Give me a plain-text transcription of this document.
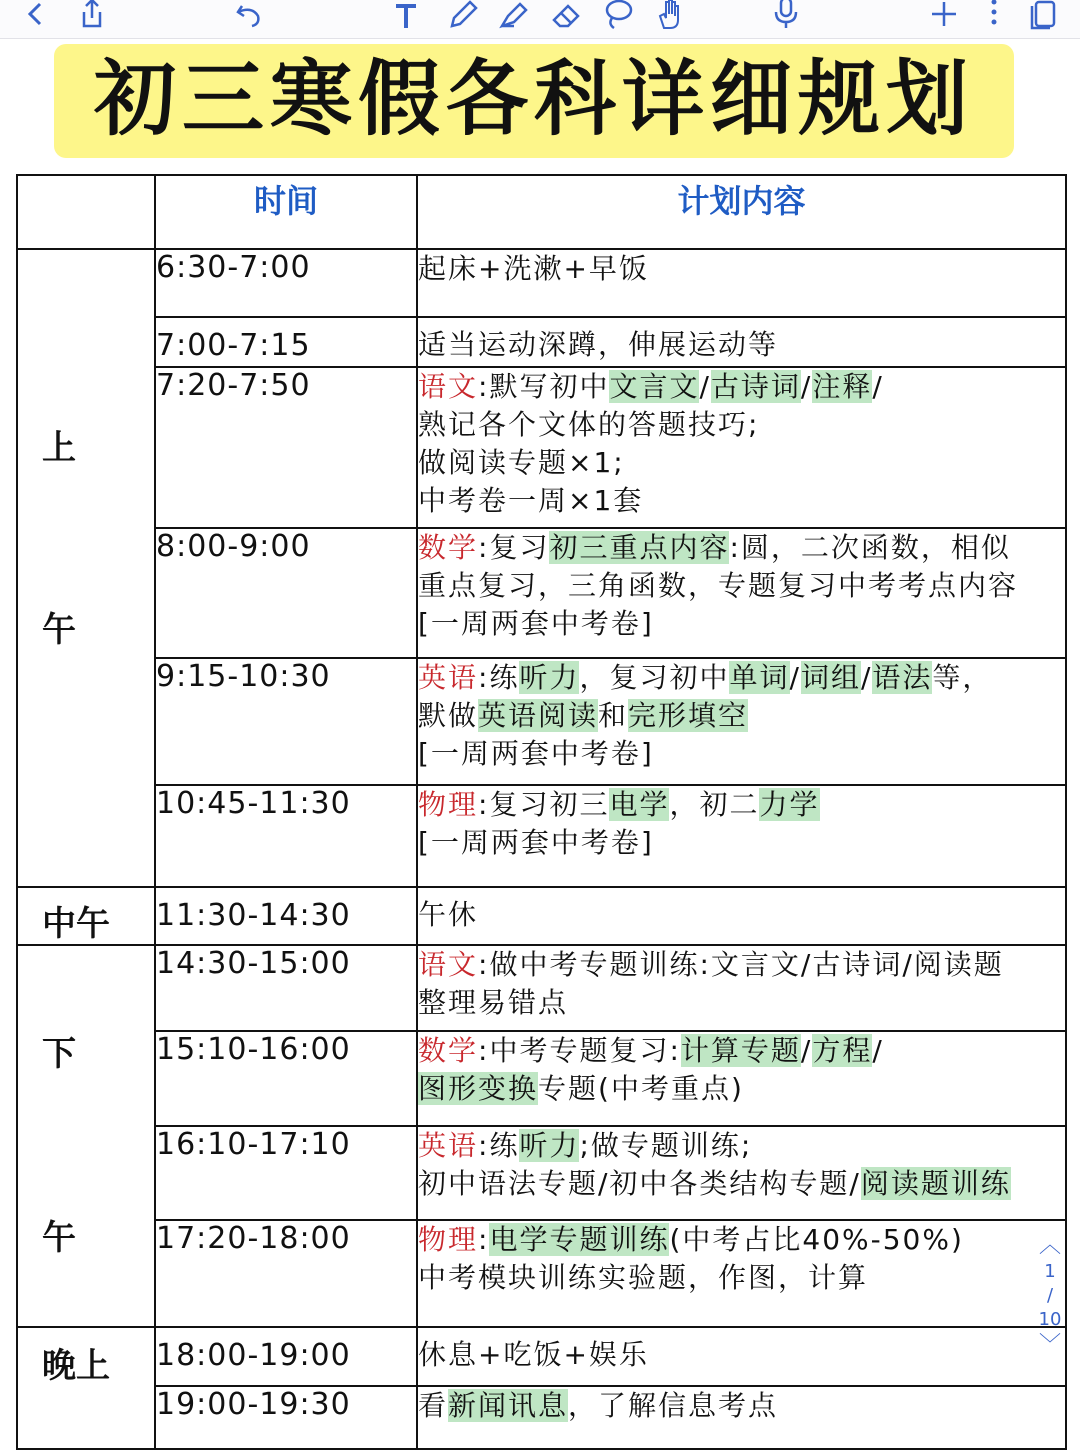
初三寒假各科详细规划
	时间	计划内容

上
午	6:30-7:00	起床+洗漱+早饭

	7:00-7:15	适当运动深蹲，伸展运动等

	7:20-7:50	语文:默写初中文言文/古诗词/注释/
熟记各个文体的答题技巧;
做阅读专题×1;
中考卷一周×1套

	8:00-9:00	数学:复习初三重点内容:圆，二次函数，相似
重点复习，三角函数，专题复习中考考点内容
[一周两套中考卷]

	9:15-10:30	英语:练听力，复习初中单词/词组/语法等，
默做英语阅读和完形填空
[一周两套中考卷]

	10:45-11:30	物理:复习初三电学，初二力学
[一周两套中考卷]

中午	11:30-14:30	午休

下
午	14:30-15:00	语文:做中考专题训练:文言文/古诗词/阅读题
整理易错点

	15:10-16:00	数学:中考专题复习:计算专题/方程/
图形变换专题(中考重点)

	16:10-17:10	英语:练听力;做专题训练;
初中语法专题/初中各类结构专题/阅读题训练

	17:20-18:00	物理:电学专题训练(中考占比40%-50%)
中考模块训练实验题，作图，计算

晚上	18:00-19:00	休息+吃饭+娱乐

	19:00-19:30	看新闻讯息，了解信息考点
︿
1
/
10
﹀
